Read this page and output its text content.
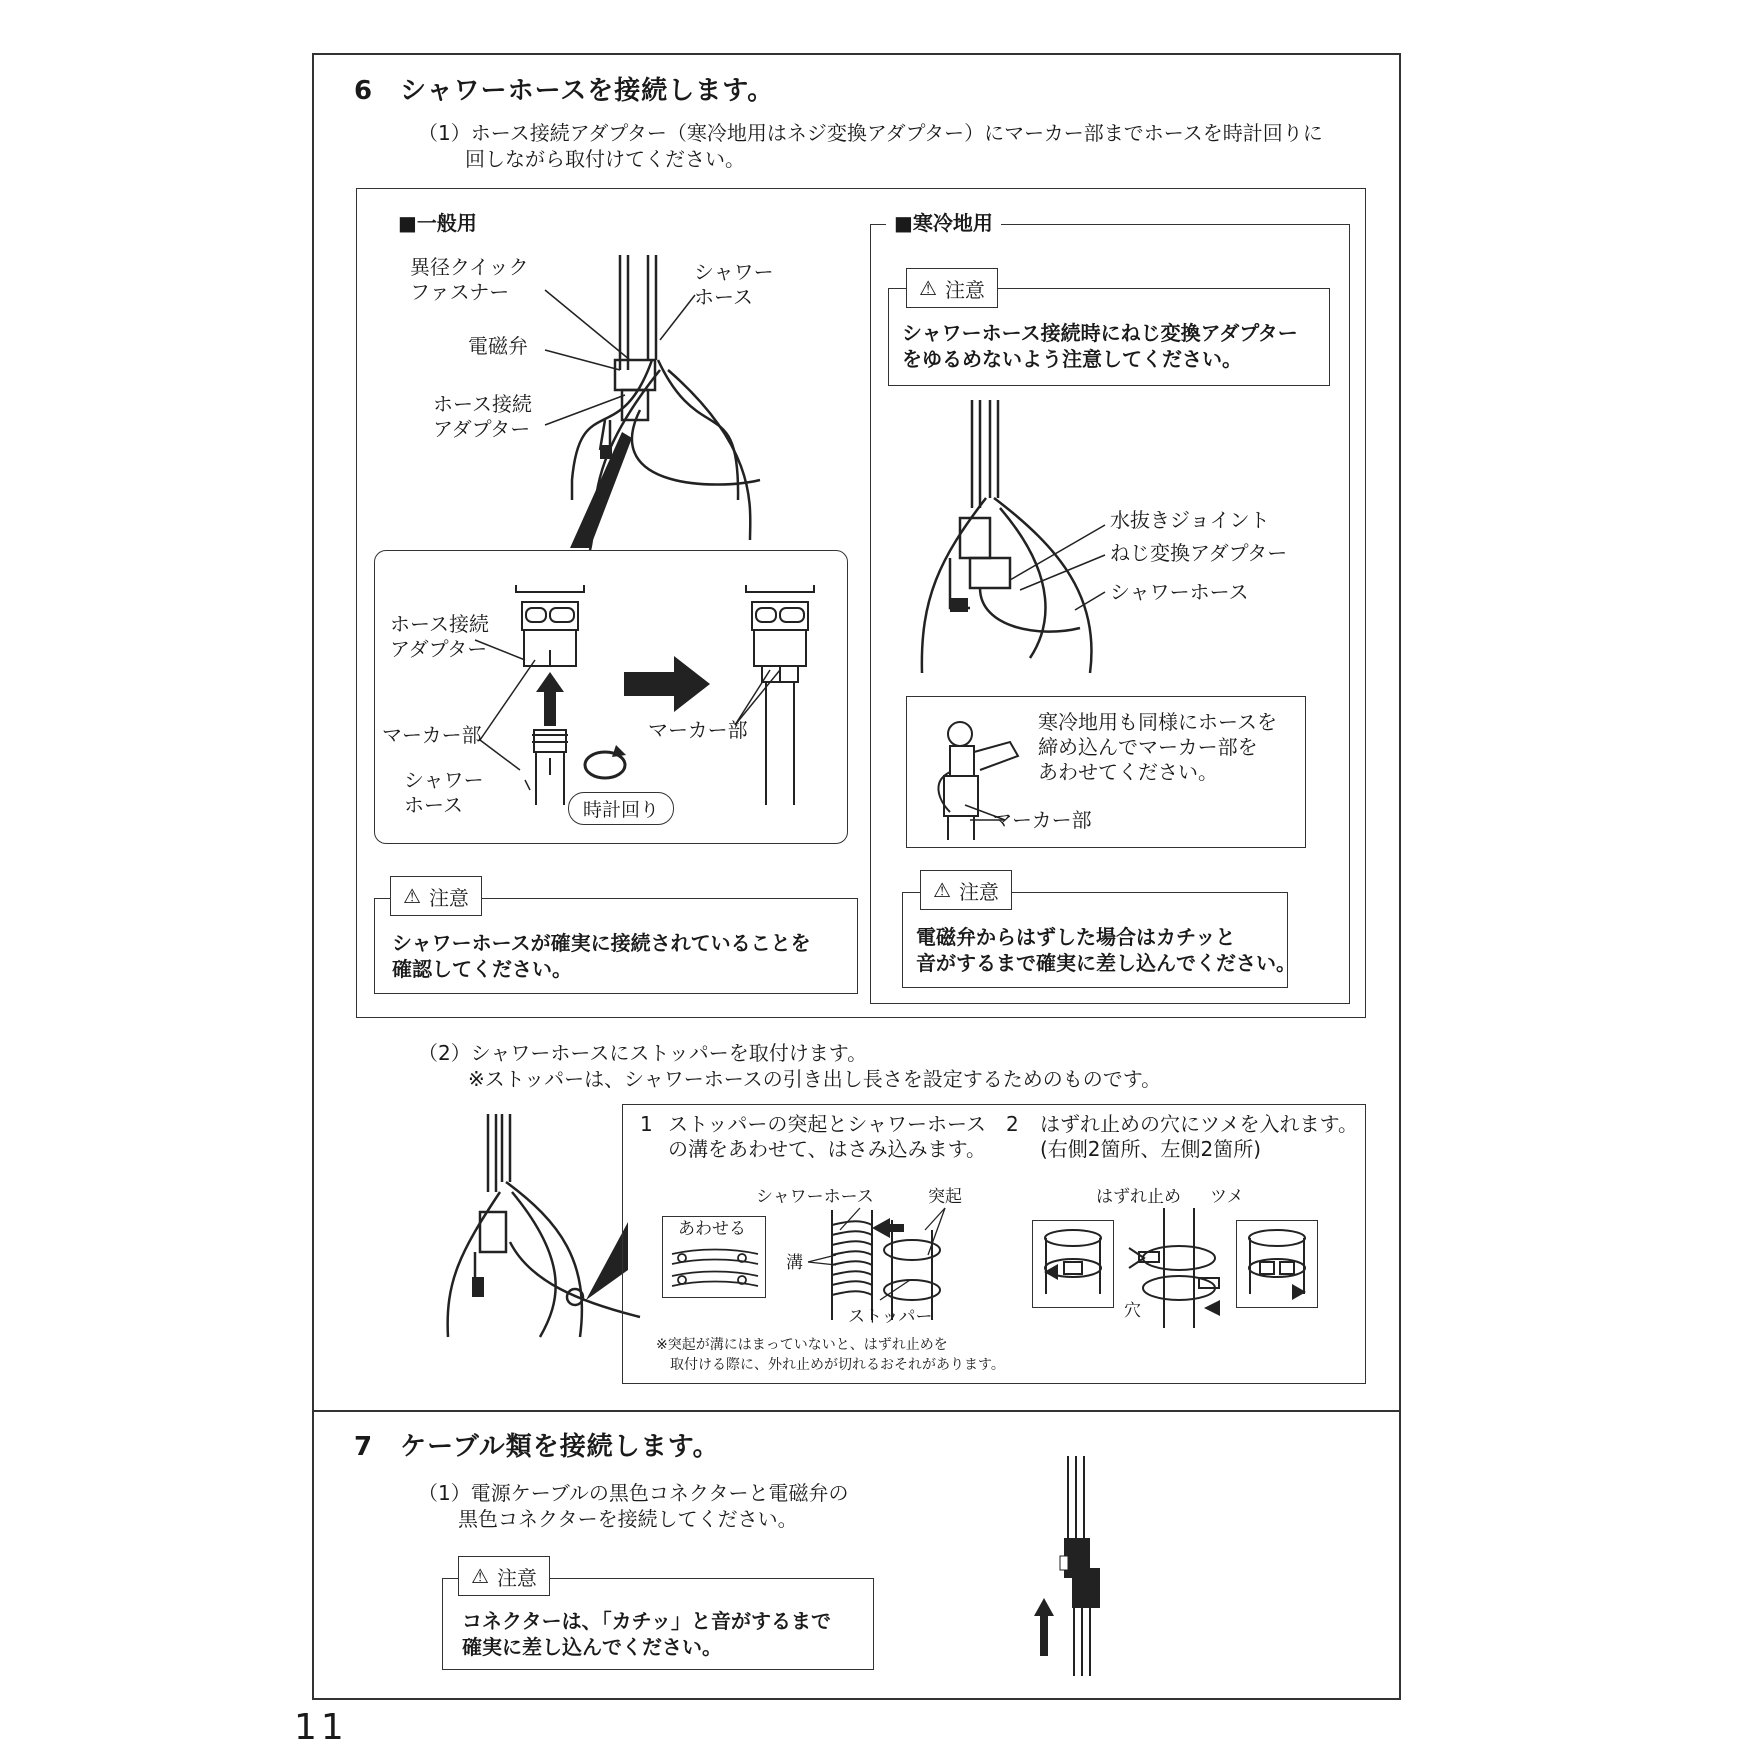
6　シャワーホースを接続します。
（1）ホース接続アダプター（寒冷地用はネジ変換アダプター）にマーカー部までホースを時計回りに
回しながら取付けてください。
■一般用
異径クイック
ファスナー
電磁弁
ホース接続
アダプター
シャワー
ホース
ホース接続
アダプター
マーカー部	マーカー部
シャワー
ホース	時計回り
⚠ 注意
シャワーホースが確実に接続されていることを
確認してください。
■寒冷地用
⚠ 注意
シャワーホース接続時にねじ変換アダプター
をゆるめないよう注意してください。
水抜きジョイント
ねじ変換アダプター
シャワーホース
寒冷地用も同様にホースを
締め込んでマーカー部を
あわせてください。
マーカー部
⚠ 注意
電磁弁からはずした場合はカチッと
音がするまで確実に差し込んでください。
（2）シャワーホースにストッパーを取付けます。
※ストッパーは、シャワーホースの引き出し長さを設定するためのものです。
1 ストッパーの突起とシャワーホース
の溝をあわせて、はさみ込みます。
2 はずれ止めの穴にツメを入れます。
(右側2箇所、左側2箇所)
あわせる
シャワーホース	突起
溝
ストッパー
はずれ止め ツメ
穴
※突起が溝にはまっていないと、はずれ止めを
取付ける際に、外れ止めが切れるおそれがあります。
7　ケーブル類を接続します。
（1）電源ケーブルの黒色コネクターと電磁弁の
黒色コネクターを接続してください。
⚠ 注意
コネクターは、「カチッ」と音がするまで
確実に差し込んでください。
11
